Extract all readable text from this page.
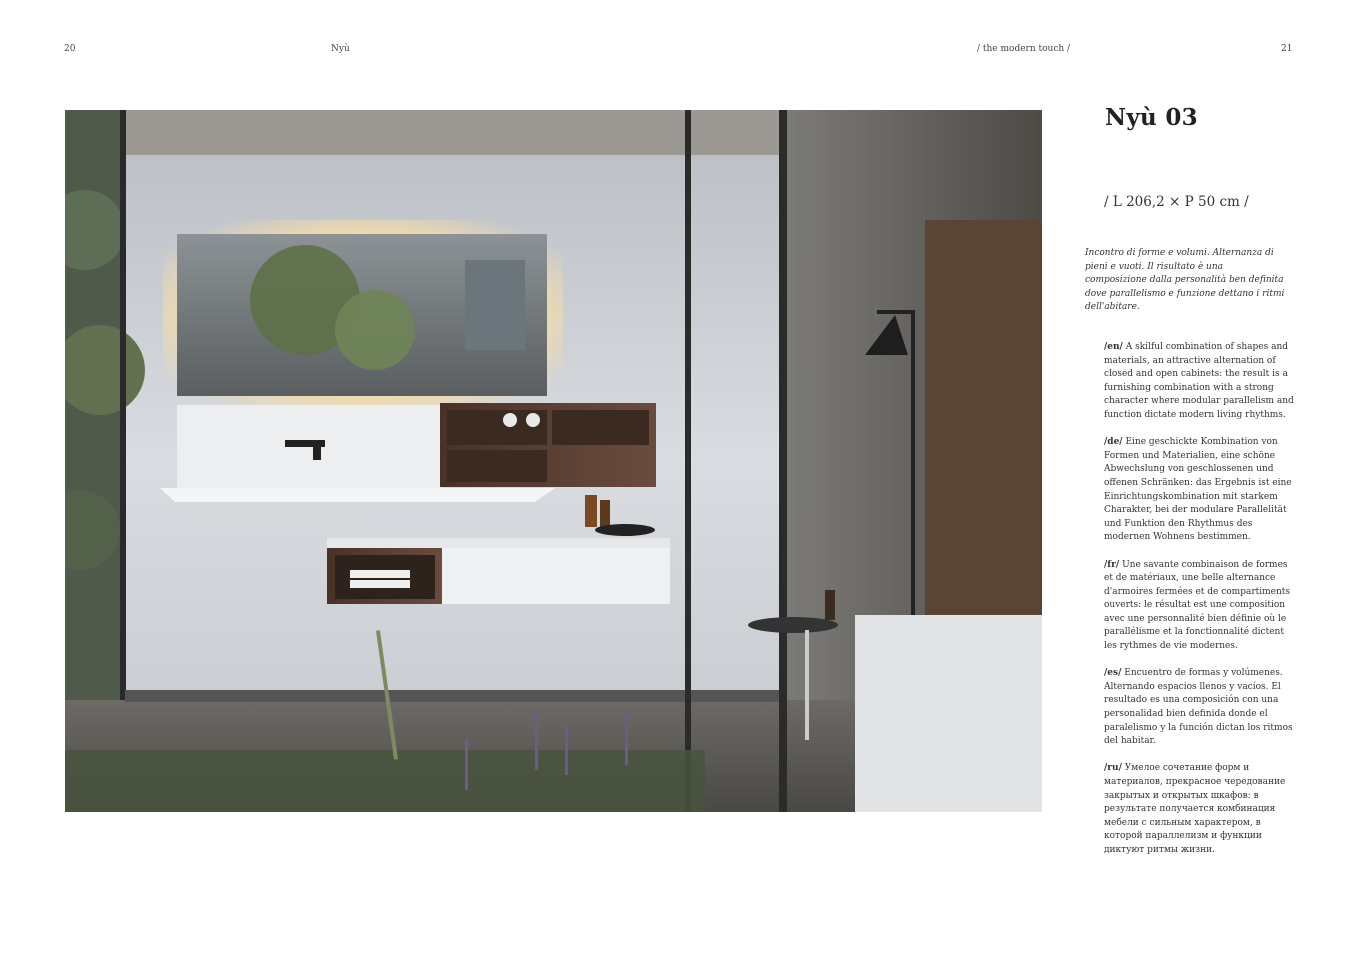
20	Nyù	/ the modern touch /	21
Nyù 03
/ L 206,2 × P 50 cm /
Incontro di forme e volumi. Alternanza di pieni e vuoti. Il risultato è una composizione dalla personalità ben definita dove parallelismo e funzione dettano i ritmi dell'abitare.

/en/ A skilful combination of shapes and materials, an attractive alternation of closed and open cabinets: the result is a furnishing combination with a strong character where modular parallelism and function dictate modern living rhythms.

/de/ Eine geschickte Kombination von Formen und Materialien, eine schöne Abwechslung von geschlossenen und offenen Schränken: das Ergebnis ist eine Einrichtungskombination mit starkem Charakter, bei der modulare Parallelität und Funktion den Rhythmus des modernen Wohnens bestimmen.

/fr/ Une savante combinaison de formes et de matériaux, une belle alternance d'armoires fermées et de compartiments ouverts: le résultat est une composition avec une personnalité bien définie où le parallélisme et la fonctionnalité dictent les rythmes de vie modernes.

/es/ Encuentro de formas y volúmenes. Alternando espacios llenos y vacíos. El resultado es una composición con una personalidad bien definida donde el paralelismo y la función dictan los ritmos del habitar.

/ru/ Умелое сочетание форм и материалов, прекрасное чередование закрытых и открытых шкафов: в результате получается комбинация мебели с сильным характером, в которой параллелизм и функции диктуют ритмы жизни.
